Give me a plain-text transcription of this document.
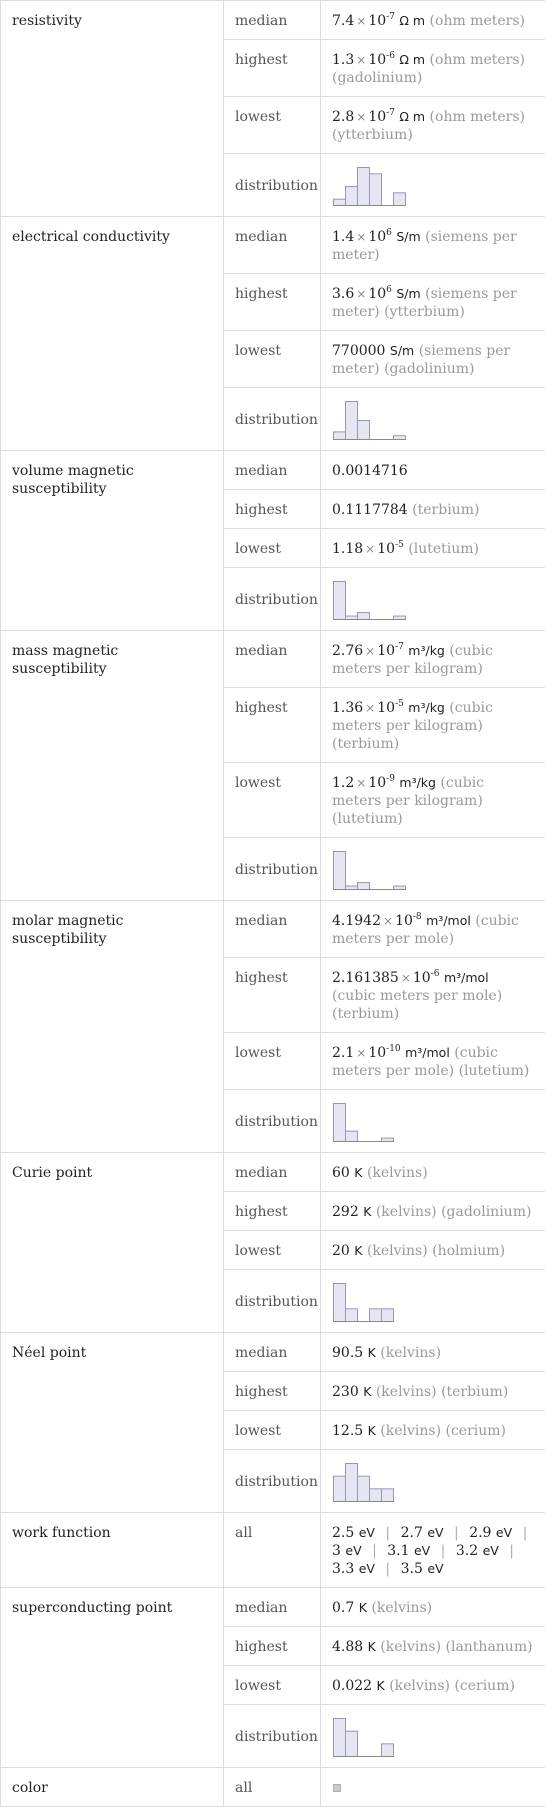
resistivity	median	$7.4 \times 10^{-7}$ Ω m (ohm meters)
	highest	$1.3 \times 10^{-6}$ Ω m (ohm meters) (gadolinium)
	lowest	$2.8 \times 10^{-7}$ Ω m (ohm meters) (ytterbium)
	distribution	

electrical conductivity	median	$1.4 \times 10^6$ S/m (siemens per meter)
	highest	$3.6 \times 10^6$ S/m (siemens per meter) (ytterbium)
	lowest	770000 S/m (siemens per meter) (gadolinium)
	distribution	

volume magnetic susceptibility	median	0.0014716
	highest	0.1117784 (terbium)
	lowest	$1.18 \times 10^{-5}$ (lutetium)
	distribution	

mass magnetic susceptibility	median	$2.76 \times 10^{-7}$ m³/kg (cubic meters per kilogram)
	highest	$1.36 \times 10^{-5}$ m³/kg (cubic meters per kilogram) (terbium)
	lowest	$1.2 \times 10^{-9}$ m³/kg (cubic meters per kilogram) (lutetium)
	distribution	

molar magnetic susceptibility	median	$4.1942 \times 10^{-8}$ m³/mol (cubic meters per mole)
	highest	$2.161385 \times 10^{-6}$ m³/mol (cubic meters per mole) (terbium)
	lowest	$2.1 \times 10^{-10}$ m³/mol (cubic meters per mole) (lutetium)
	distribution	

Curie point	median	60 K (kelvins)
	highest	292 K (kelvins) (gadolinium)
	lowest	20 K (kelvins) (holmium)
	distribution	

Néel point	median	90.5 K (kelvins)
	highest	230 K (kelvins) (terbium)
	lowest	12.5 K (kelvins) (cerium)
	distribution	

work function	all	2.5 eV | 2.7 eV | 2.9 eV | 3 eV | 3.1 eV | 3.2 eV | 3.3 eV | 3.5 eV
superconducting point	median	0.7 K (kelvins)
	highest	4.88 K (kelvins) (lanthanum)
	lowest	0.022 K (kelvins) (cerium)
	distribution	

color	all	
